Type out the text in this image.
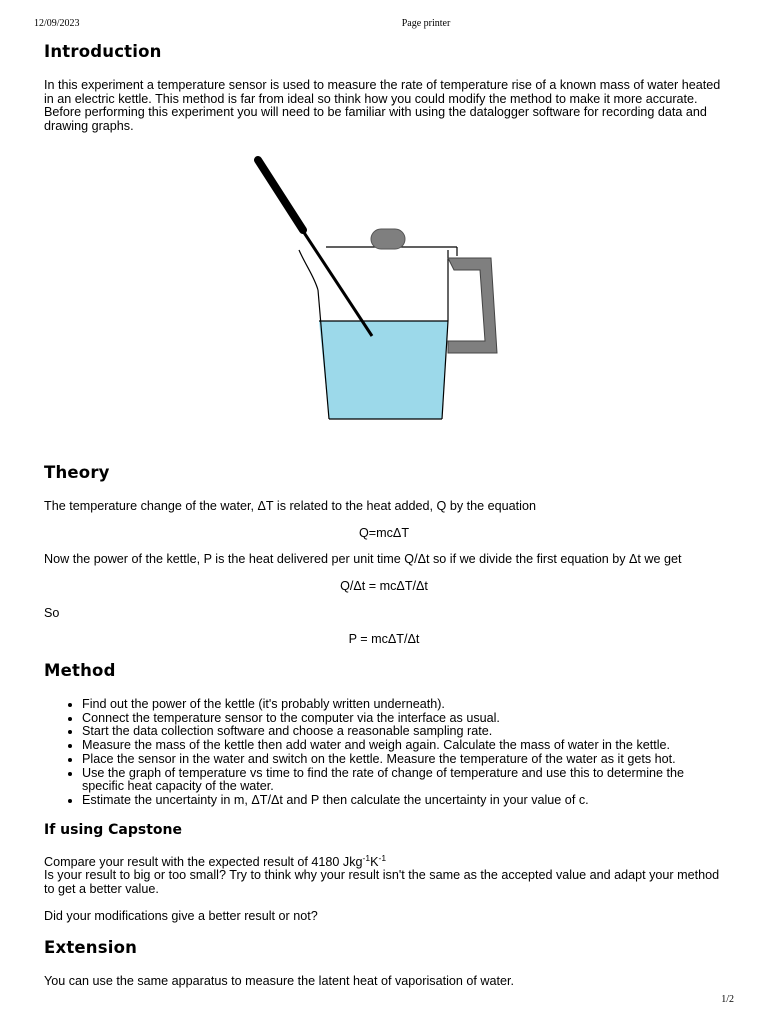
12/09/2023	Page printer
Introduction

In this experiment a temperature sensor is used to measure the rate of temperature rise of a known mass of water heated in an electric kettle. This method is far from ideal so think how you could modify the method to make it more accurate. Before performing this experiment you will need to be familiar with using the datalogger software for recording data and drawing graphs.

Theory

The temperature change of the water, ΔT is related to the heat added, Q by the equation

Q=mcΔT

Now the power of the kettle, P is the heat delivered per unit time Q/Δt so if we divide the first equation by Δt we get

Q/Δt = mcΔT/Δt

So

P = mcΔT/Δt

Method
• Find out the power of the kettle (it's probably written underneath).
• Connect the temperature sensor to the computer via the interface as usual.
• Start the data collection software and choose a reasonable sampling rate.
• Measure the mass of the kettle then add water and weigh again. Calculate the mass of water in the kettle.
• Place the sensor in the water and switch on the kettle. Measure the temperature of the water as it gets hot.
• Use the graph of temperature vs time to find the rate of change of temperature and use this to determine the specific heat capacity of the water.
• Estimate the uncertainty in m, ΔT/Δt and P then calculate the uncertainty in your value of c.
If using Capstone

Compare your result with the expected result of 4180 $Jkg^{-1}K^{-1}$

Is your result to big or too small? Try to think why your result isn't the same as the accepted value and adapt your method to get a better value.

Did your modifications give a better result or not?

Extension

You can use the same apparatus to measure the latent heat of vaporisation of water.

1/2
